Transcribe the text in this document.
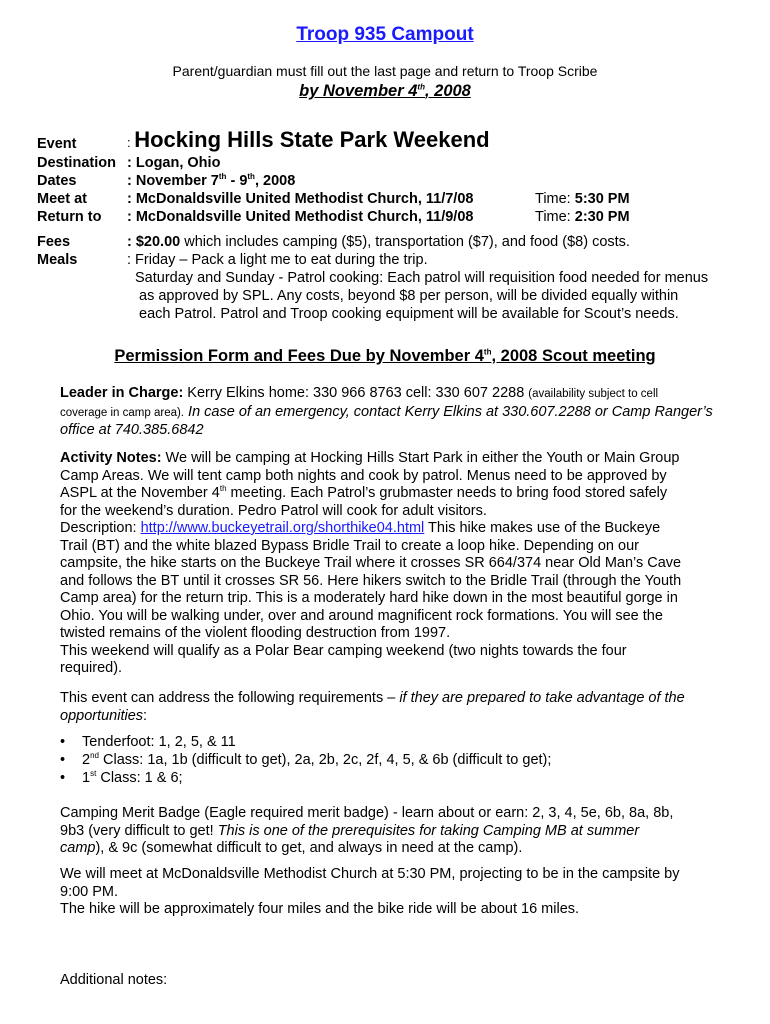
Troop 935 Campout
Parent/guardian must fill out the last page and return to Troop Scribe
by November 4th, 2008
Event	: Hocking Hills State Park Weekend
Destination : Logan, Ohio
Dates	: November 7th - 9th, 2008
Meet at	: McDonaldsville United Methodist Church, 11/7/08	Time: 5:30 PM
Return to : McDonaldsville United Methodist Church, 11/9/08	Time: 2:30 PM
Fees	: $20.00 which includes camping ($5), transportation ($7), and food ($8) costs.
Meals	: Friday – Pack a light me to eat during the trip.
Saturday and Sunday - Patrol cooking: Each patrol will requisition food needed for menus
as approved by SPL. Any costs, beyond $8 per person, will be divided equally within
each Patrol. Patrol and Troop cooking equipment will be available for Scout’s needs.
Permission Form and Fees Due by November 4th, 2008 Scout meeting
Leader in Charge: Kerry Elkins home: 330 966 8763 cell: 330 607 2288 (availability subject to cell
coverage in camp area). In case of an emergency, contact Kerry Elkins at 330.607.2288 or Camp Ranger’s
office at 740.385.6842
Activity Notes: We will be camping at Hocking Hills Start Park in either the Youth or Main Group
Camp Areas. We will tent camp both nights and cook by patrol. Menus need to be approved by
ASPL at the November 4th meeting. Each Patrol’s grubmaster needs to bring food stored safely
for the weekend’s duration. Pedro Patrol will cook for adult visitors.
Description: http://www.buckeyetrail.org/shorthike04.html This hike makes use of the Buckeye
Trail (BT) and the white blazed Bypass Bridle Trail to create a loop hike. Depending on our
campsite, the hike starts on the Buckeye Trail where it crosses SR 664/374 near Old Man’s Cave
and follows the BT until it crosses SR 56. Here hikers switch to the Bridle Trail (through the Youth
Camp area) for the return trip. This is a moderately hard hike down in the most beautiful gorge in
Ohio. You will be walking under, over and around magnificent rock formations. You will see the
twisted remains of the violent flooding destruction from 1997.
This weekend will qualify as a Polar Bear camping weekend (two nights towards the four
required).
This event can address the following requirements – if they are prepared to take advantage of the
opportunities:
• Tenderfoot: 1, 2, 5, & 11
• 2nd Class: 1a, 1b (difficult to get), 2a, 2b, 2c, 2f, 4, 5, & 6b (difficult to get);
• 1st Class: 1 & 6;
Camping Merit Badge (Eagle required merit badge) - learn about or earn: 2, 3, 4, 5e, 6b, 8a, 8b,
9b3 (very difficult to get! This is one of the prerequisites for taking Camping MB at summer
camp), & 9c (somewhat difficult to get, and always in need at the camp).
We will meet at McDonaldsville Methodist Church at 5:30 PM, projecting to be in the campsite by
9:00 PM.
The hike will be approximately four miles and the bike ride will be about 16 miles.
Additional notes:
